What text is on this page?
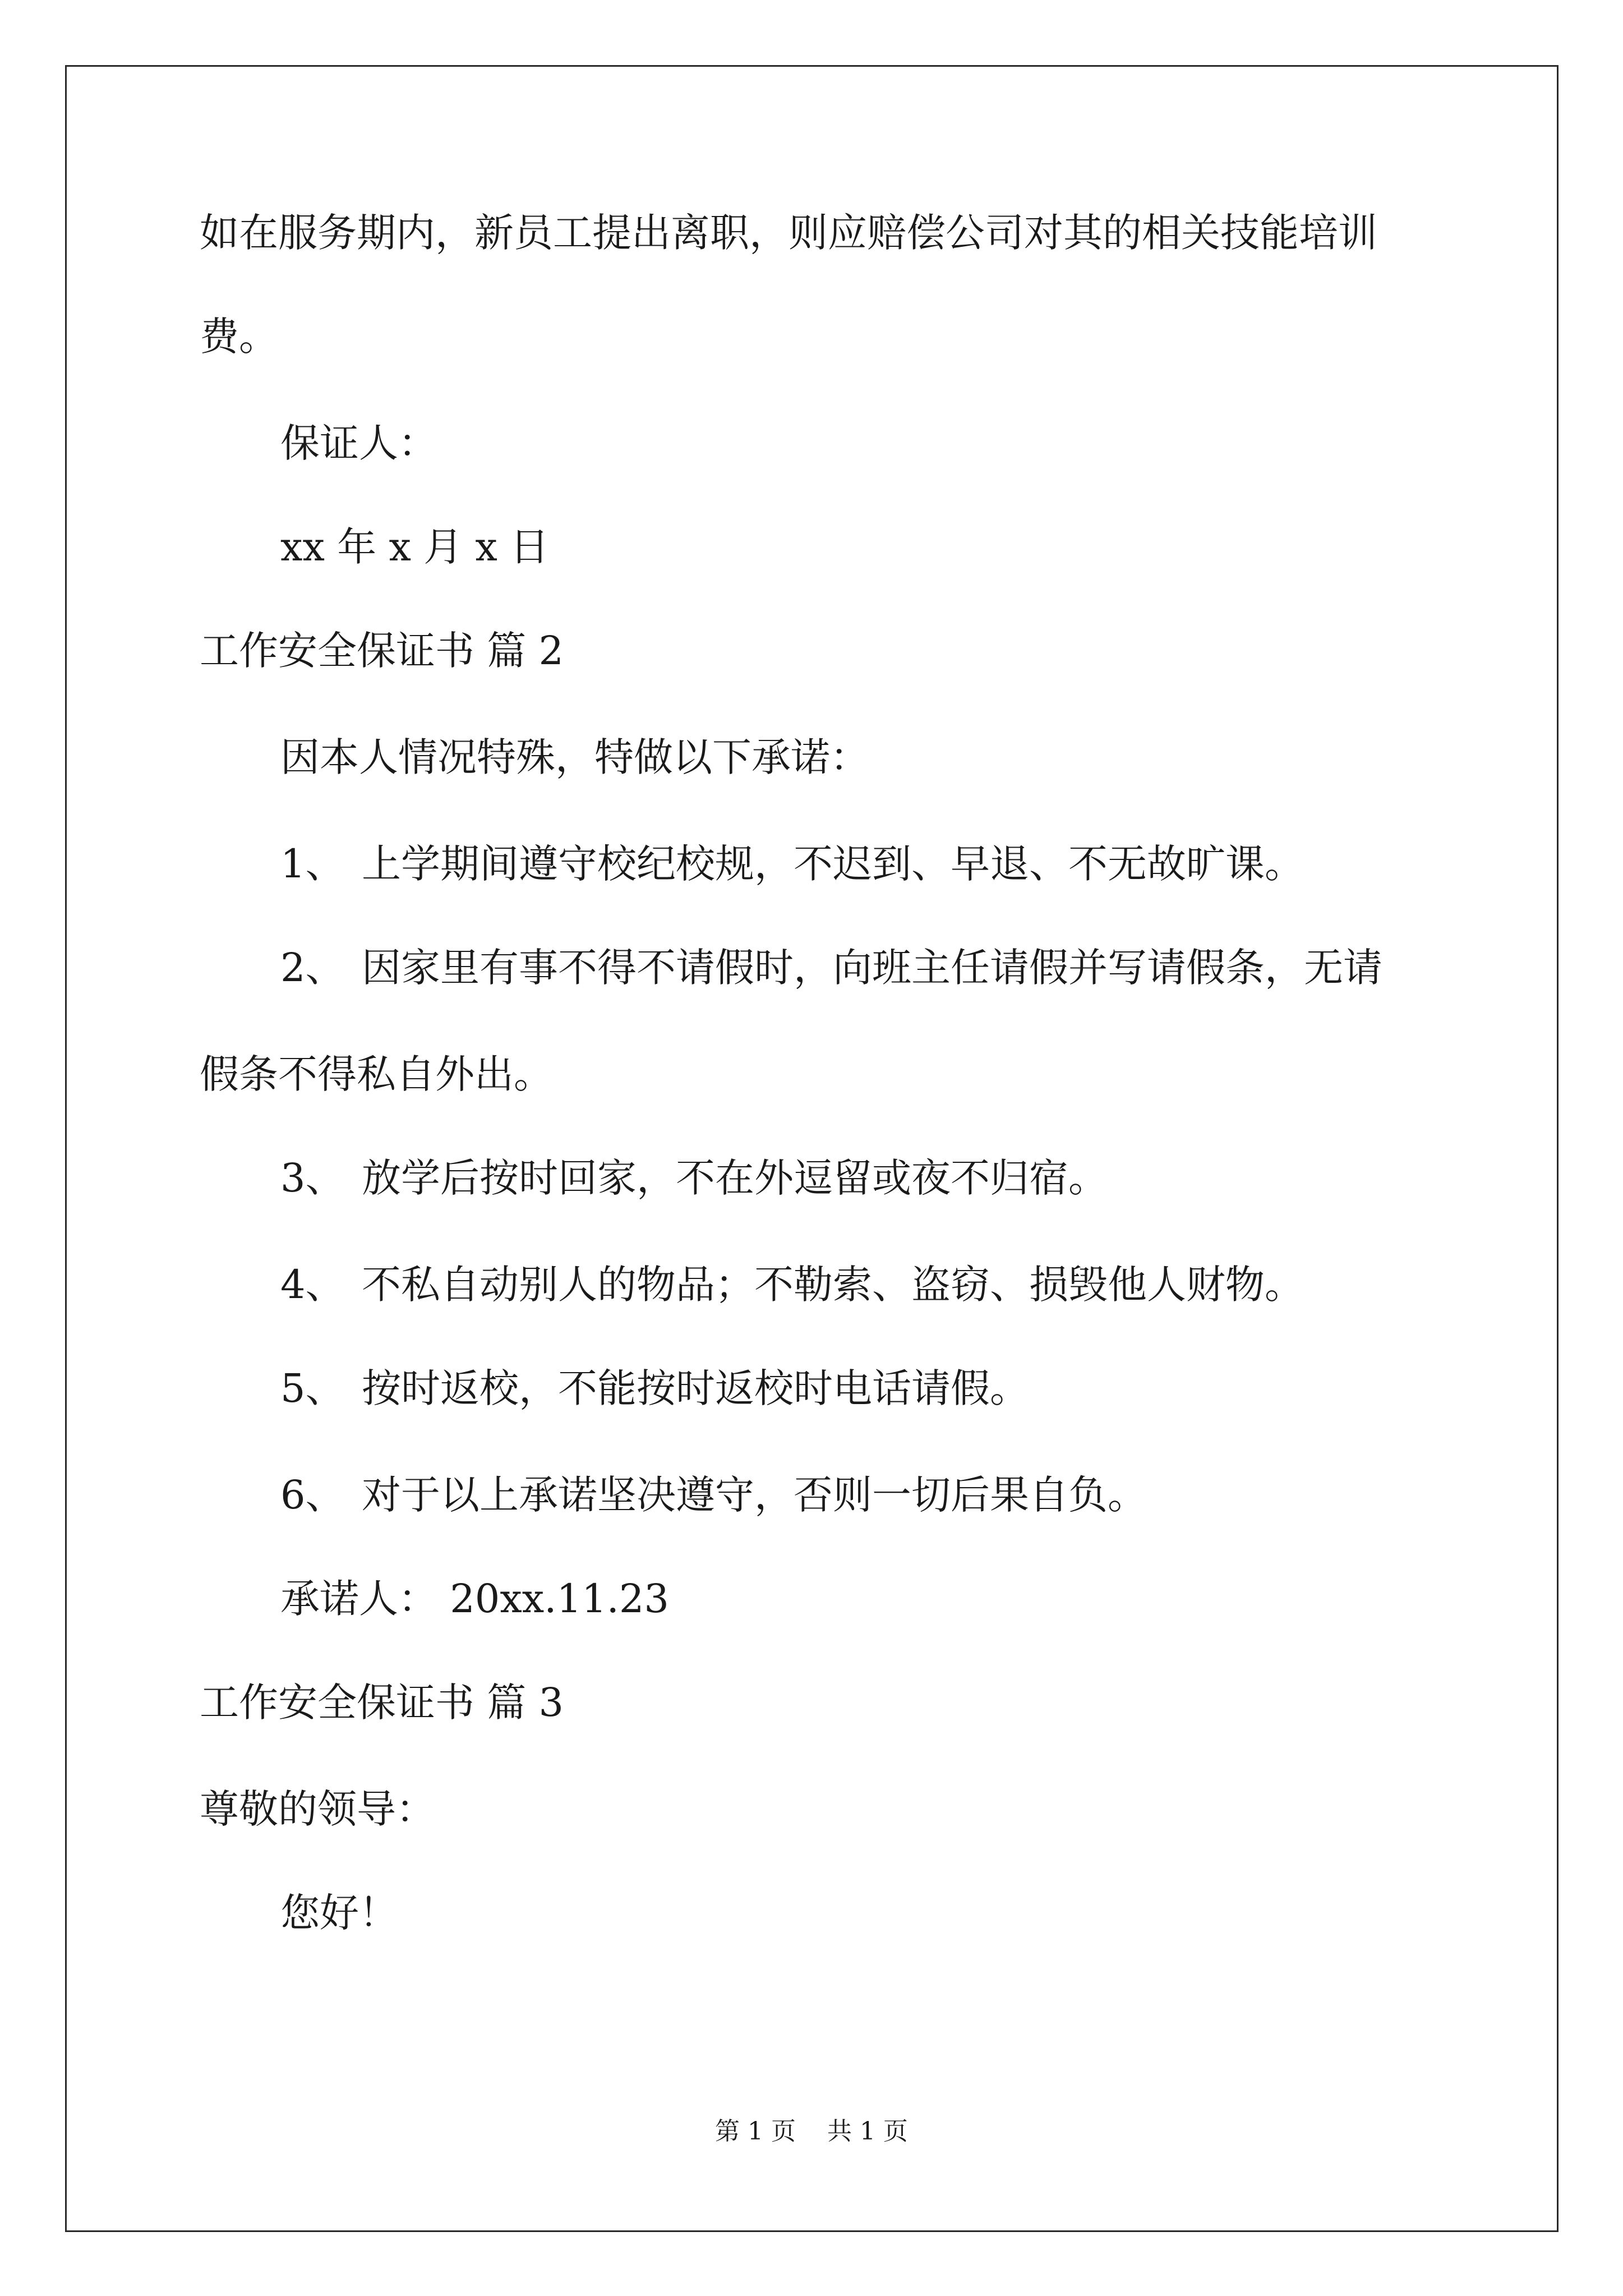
如在服务期内，新员工提出离职，则应赔偿公司对其的相关技能培训
费。
保证人：
xx 年 x 月 x 日
工作安全保证书 篇 2
因本人情况特殊，特做以下承诺：
1、 上学期间遵守校纪校规，不迟到、早退、不无故旷课。
2、 因家里有事不得不请假时，向班主任请假并写请假条，无请
假条不得私自外出。
3、 放学后按时回家，不在外逗留或夜不归宿。
4、 不私自动别人的物品；不勒索、盗窃、损毁他人财物。
5、 按时返校，不能按时返校时电话请假。
6、 对于以上承诺坚决遵守，否则一切后果自负。
承诺人： 20xx.11.23
工作安全保证书 篇 3
尊敬的领导：
您好！
第 1 页    共 1 页
